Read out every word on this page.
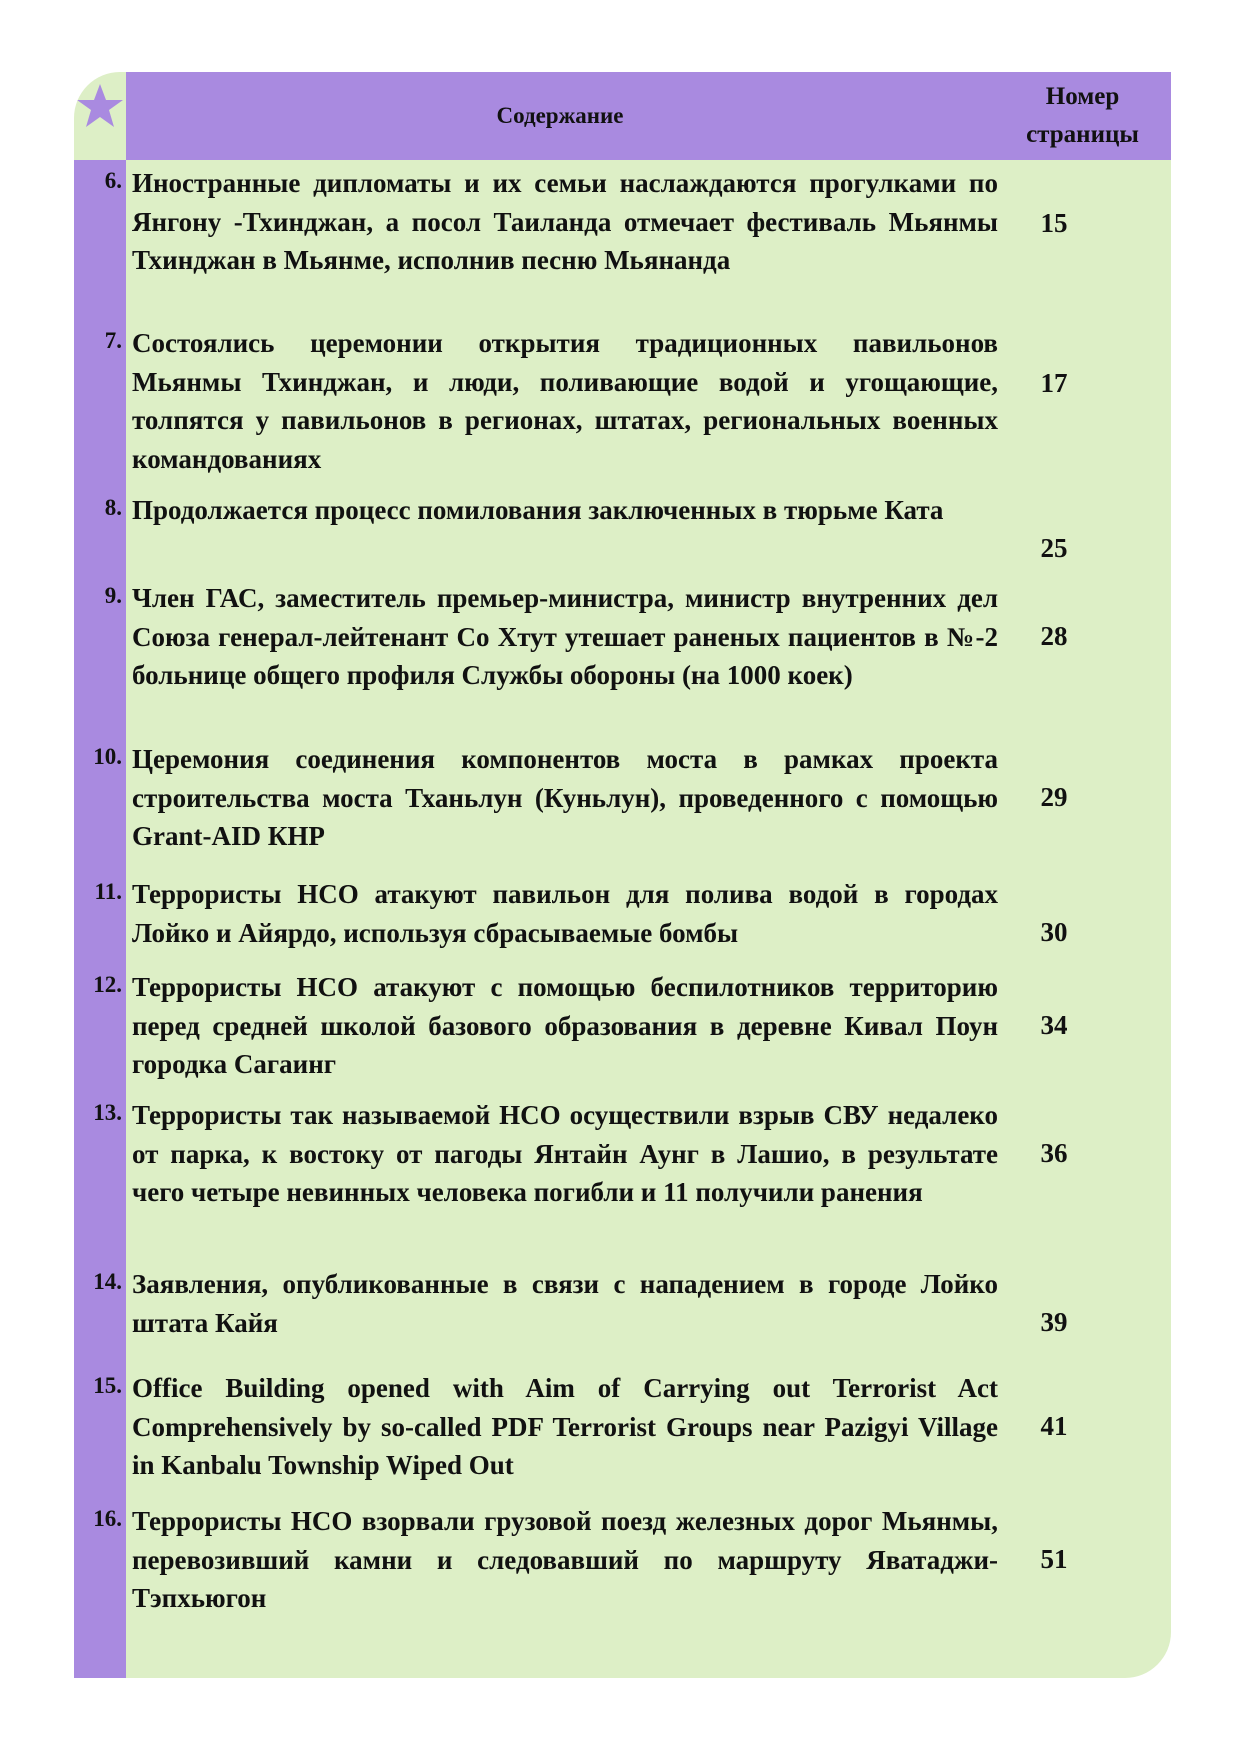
Содержание
Номер страницы
6. Иностранные дипломаты и их семьи наслаждаются прогулками по Янгону -Тхинджан, а посол Таиланда отмечает фестиваль Мьянмы Тхинджан в Мьянме, исполнив песню Мьянанда
15
7. Состоялись церемонии открытия традиционных павильонов Мьянмы Тхинджан, и люди, поливающие водой и угощающие, толпятся у павильонов в регионах, штатах, региональных военных командованиях
17
8. Продолжается процесс помилования заключенных в тюрьме Ката
25
9. Член ГАС, заместитель премьер-министра, министр внутренних дел Союза генерал-лейтенант Со Хтут утешает раненых пациентов в №-2 больнице общего профиля Службы обороны (на 1000 коек)
28
10. Церемония соединения компонентов моста в рамках проекта строительства моста Тханьлун (Куньлун), проведенного с помощью Grant-AID КНР
29
11. Террористы НСО атакуют павильон для полива водой в городах Лойко и Айярдо, используя сбрасываемые бомбы	30
12. Террористы НСО атакуют с помощью беспилотников территорию перед средней школой базового образования в деревне Кивал Поун городка Сагаинг
34
13. Террористы так называемой НСО осуществили взрыв СВУ недалеко от парка, к востоку от пагоды Янтайн Аунг в Лашио, в результате чего четыре невинных человека погибли и 11 получили ранения
36
14. Заявления, опубликованные в связи с нападением в городе Лойко штата Кайя	39
15. Office Building opened with Aim of Carrying out Terrorist Act Comprehensively by so-called PDF Terrorist Groups near Pazigyi Village in Kanbalu Township Wiped Out
41
16. Террористы НСО взорвали грузовой поезд железных дорог Мьянмы, перевозивший камни и следовавший по маршруту Яватаджи-Тэпхьюгон
51
